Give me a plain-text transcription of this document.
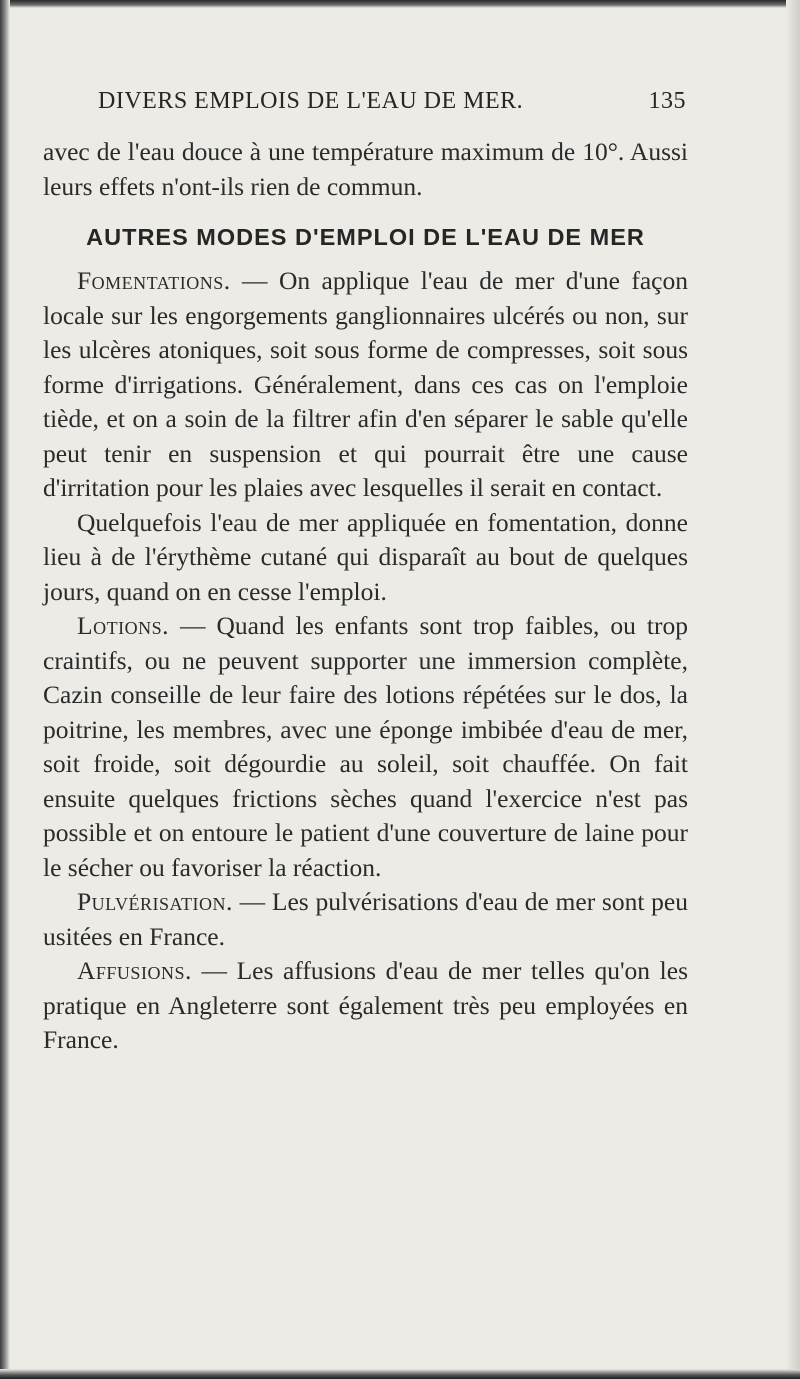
DIVERS EMPLOIS DE L'EAU DE MER.	135

avec de l'eau douce à une température maximum de 10°. Aussi leurs effets n'ont-ils rien de commun.

AUTRES MODES D'EMPLOI DE L'EAU DE MER

Fomentations. — On applique l'eau de mer d'une façon locale sur les engorgements ganglionnaires ulcérés ou non, sur les ulcères atoniques, soit sous forme de compresses, soit sous forme d'irrigations. Généralement, dans ces cas on l'emploie tiède, et on a soin de la filtrer afin d'en séparer le sable qu'elle peut tenir en suspension et qui pourrait être une cause d'irritation pour les plaies avec lesquelles il serait en contact.

Quelquefois l'eau de mer appliquée en fomentation, donne lieu à de l'érythème cutané qui disparaît au bout de quelques jours, quand on en cesse l'emploi.

Lotions. — Quand les enfants sont trop faibles, ou trop craintifs, ou ne peuvent supporter une immersion complète, Cazin conseille de leur faire des lotions répétées sur le dos, la poitrine, les membres, avec une éponge imbibée d'eau de mer, soit froide, soit dégourdie au soleil, soit chauffée. On fait ensuite quelques frictions sèches quand l'exercice n'est pas possible et on entoure le patient d'une couverture de laine pour le sécher ou favoriser la réaction.

Pulvérisation. — Les pulvérisations d'eau de mer sont peu usitées en France.

Affusions. — Les affusions d'eau de mer telles qu'on les pratique en Angleterre sont également très peu employées en France.
